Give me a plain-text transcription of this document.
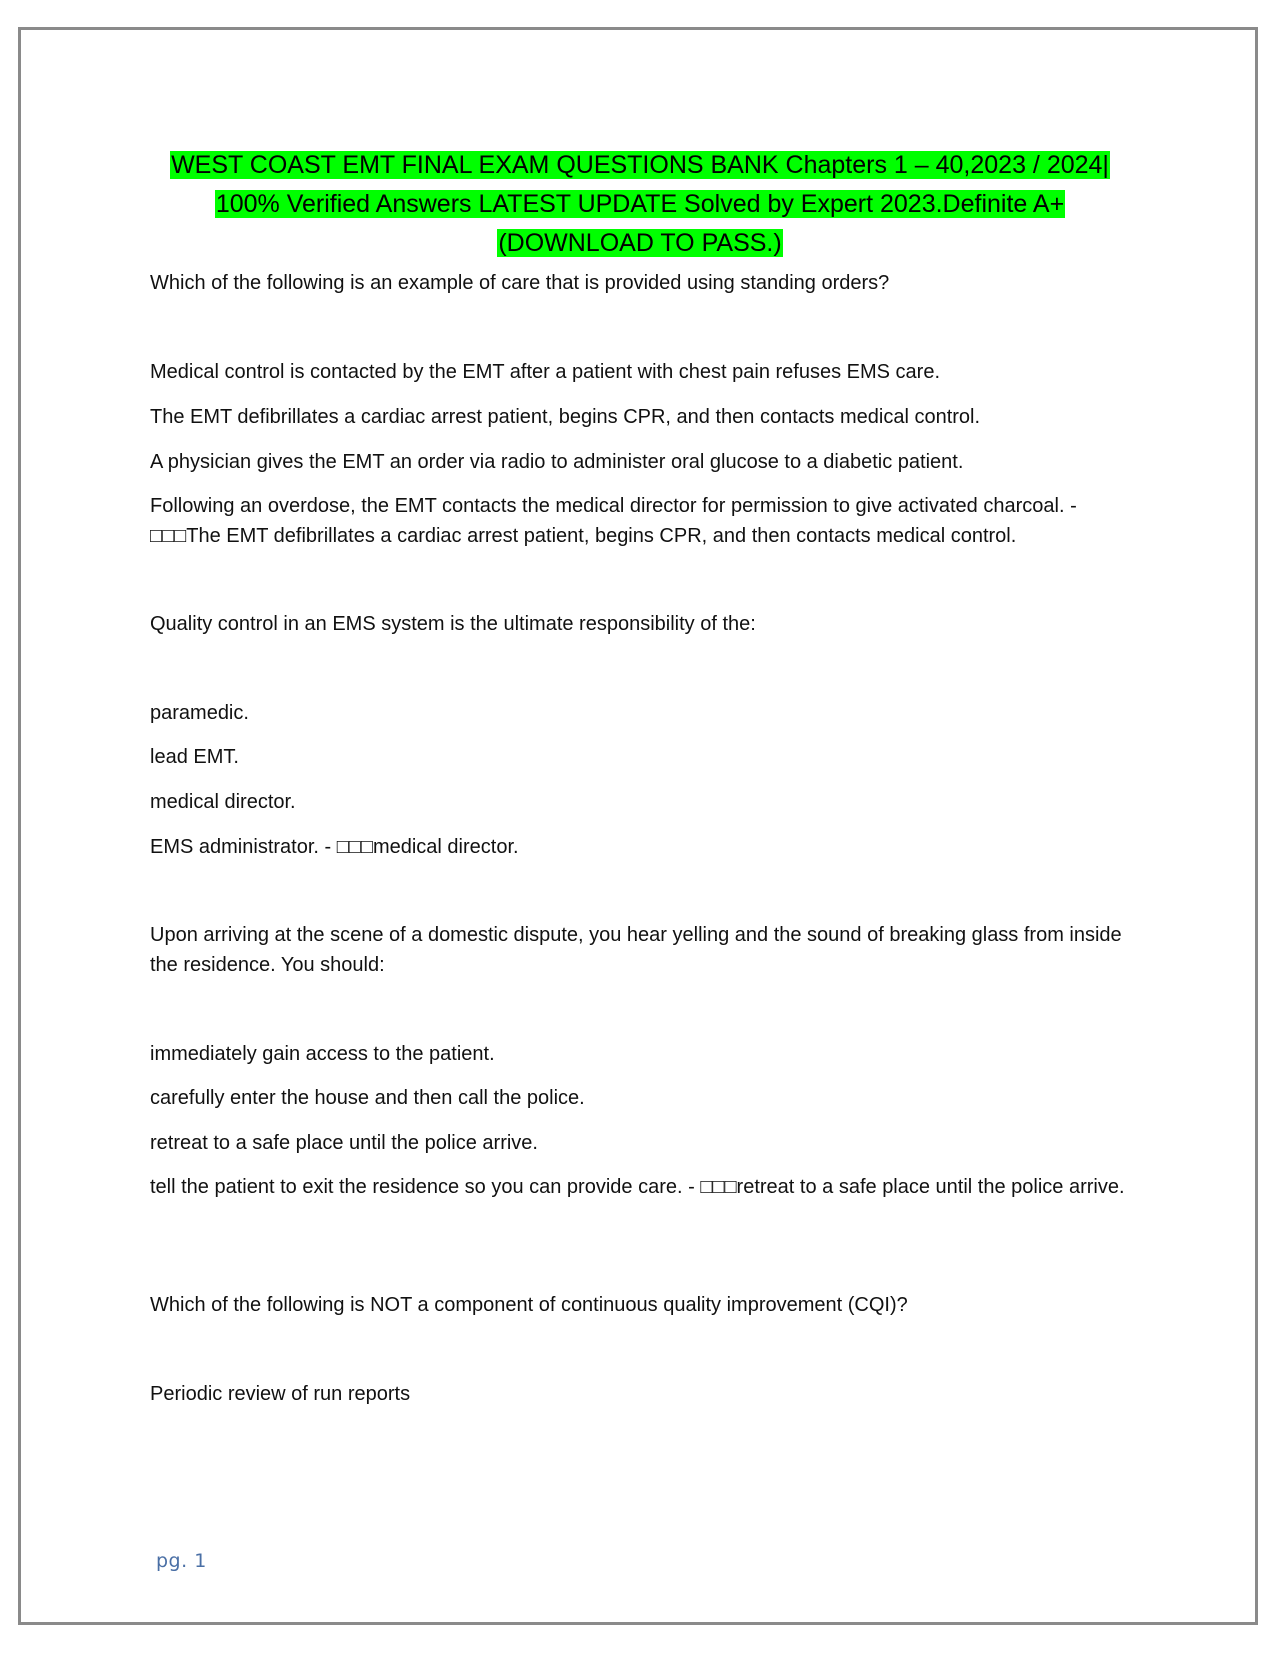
WEST COAST EMT FINAL EXAM QUESTIONS BANK Chapters 1 – 40,2023 / 2024|
100% Verified Answers LATEST UPDATE Solved by Expert 2023.Definite A+
(DOWNLOAD TO PASS.)

Which of the following is an example of care that is provided using standing orders?

Medical control is contacted by the EMT after a patient with chest pain refuses EMS care.

The EMT defibrillates a cardiac arrest patient, begins CPR, and then contacts medical control.

A physician gives the EMT an order via radio to administer oral glucose to a diabetic patient.

Following an overdose, the EMT contacts the medical director for permission to give activated charcoal. - □□□The EMT defibrillates a cardiac arrest patient, begins CPR, and then contacts medical control.

Quality control in an EMS system is the ultimate responsibility of the:

paramedic.

lead EMT.

medical director.

EMS administrator. - □□□medical director.

Upon arriving at the scene of a domestic dispute, you hear yelling and the sound of breaking glass from inside the residence. You should:

immediately gain access to the patient.

carefully enter the house and then call the police.

retreat to a safe place until the police arrive.

tell the patient to exit the residence so you can provide care. - □□□retreat to a safe place until the police arrive.

Which of the following is NOT a component of continuous quality improvement (CQI)?

Periodic review of run reports

pg. 1
